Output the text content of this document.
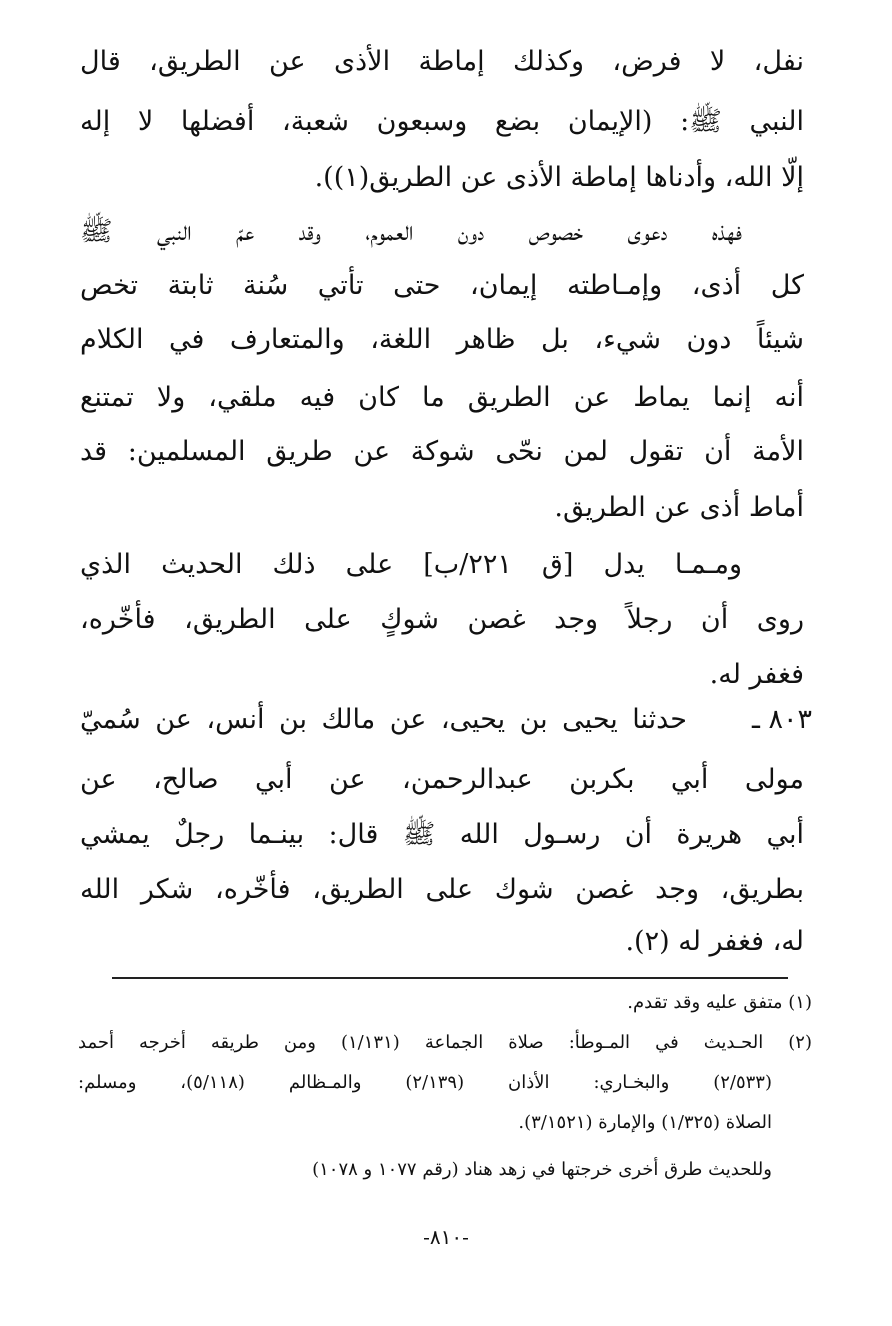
نفل، لا فرض، وكذلك إماطة الأذى عن الطريق، قال
النبي ﷺ: (الإيمان بضع وسبعون شعبة، أفضلها لا إله
إلّا الله، وأدناها إماطة الأذى عن الطريق(١)).
فهذه دعوى خصوص دون العموم، وقد عمّ النبي ﷺ
كل أذى، وإمـاطته إيمان، حتى تأتي سُنة ثابتة تخص
شيئاً دون شيء، بل ظاهر اللغة، والمتعارف في الكلام
أنه إنما يماط عن الطريق ما كان فيه ملقي، ولا تمتنع
الأمة أن تقول لمن نحّى شوكة عن طريق المسلمين: قد
أماط أذى عن الطريق.
ومـمـا يدل [ق ٢٢١/ب] على ذلك الحديث الذي
روى أن رجلاً وجد غصن شوكٍ على الطريق، فأخّره،
فغفر له.
٨٠٣ ـ
حدثنا يحيى بن يحيى، عن مالك بن أنس، عن سُميّ
مولى أبي بكربن عبدالرحمن، عن أبي صالح، عن
أبي هريرة أن رسـول الله ﷺ قال: بينـما رجلٌ يمشي
بطريق، وجد غصن شوك على الطريق، فأخّره، شكر الله
له، فغفر له (٢).
(١) متفق عليه وقد تقدم.
(٢) الحـديث في المـوطأ: صلاة الجماعة (١/١٣١) ومن طريقه أخرجه أحمد
(٢/٥٣٣) والبخـاري: الأذان (٢/١٣٩) والمـظالم (٥/١١٨)، ومسلم:
الصلاة (١/٣٢٥) والإمارة (٣/١٥٢١).
وللحديث طرق أخرى خرجتها في زهد هناد (رقم ١٠٧٧ و ١٠٧٨)
-٨١٠-
